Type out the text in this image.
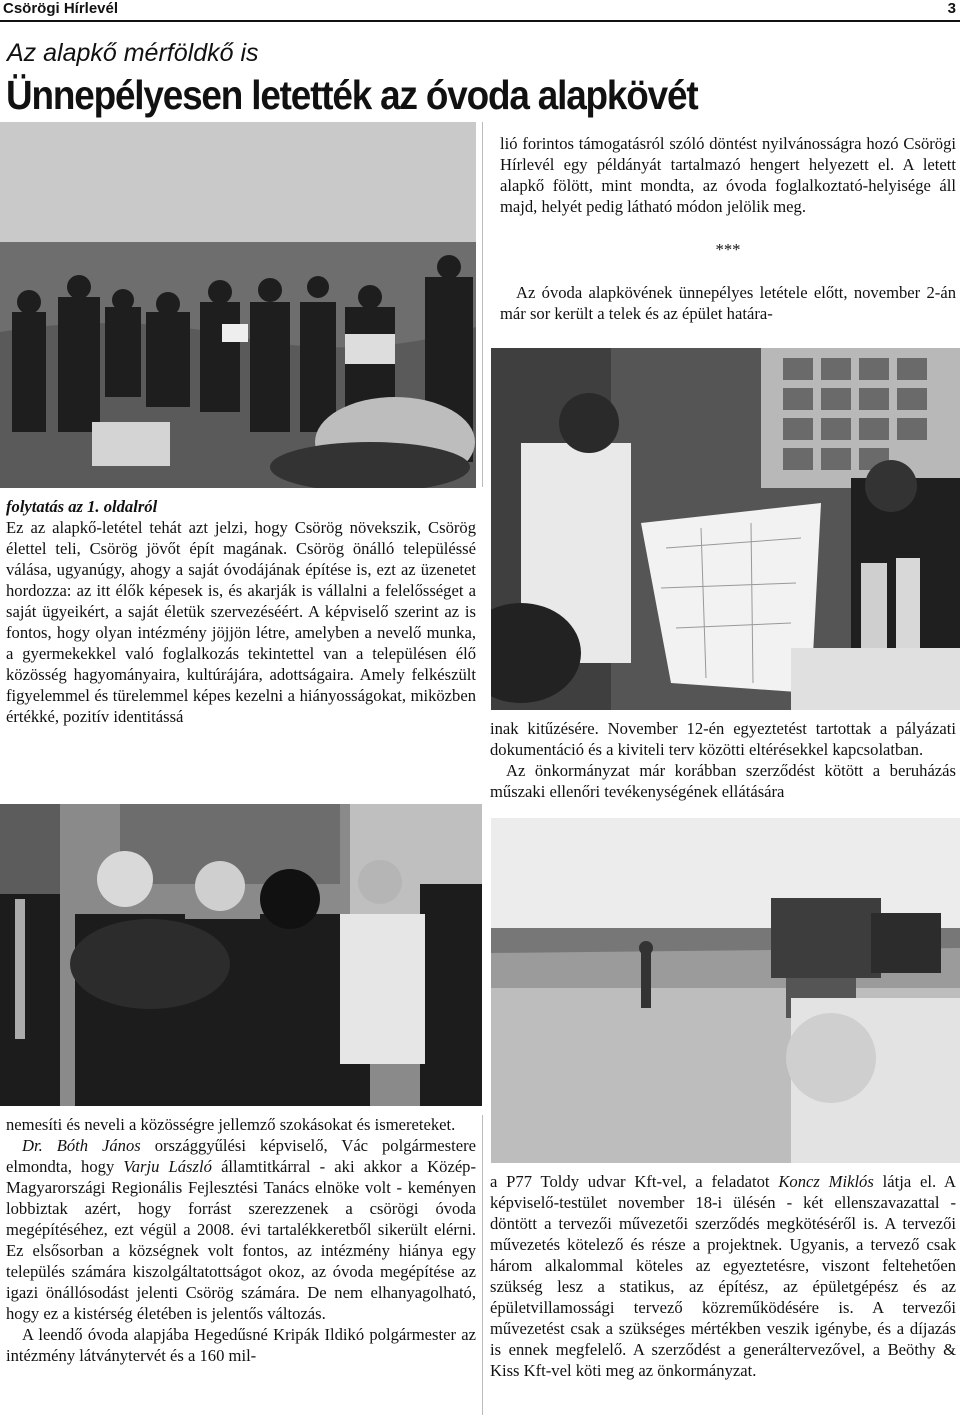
Csörögi Hírlevél	3
Az alapkő mérföldkő is
Ünnepélyesen letették az óvoda alapkövét

lió forintos támogatásról szóló döntést nyilvánosságra hozó Csörögi Hírlevél egy példányát tartalmazó hengert helyezett el. A letett alapkő fölött, mint mondta, az óvoda foglalkoztató-helyisége áll majd, helyét pedig látható módon jelölik meg.

***

Az óvoda alapkövének ünnepélyes letétele előtt, november 2-án már sor került a telek és az épület határa-

folytatás az 1. oldalról

Ez az alapkő-letétel tehát azt jelzi, hogy Csörög növekszik, Csörög élettel teli, Csörög jövőt épít magának. Csörög önálló településsé válása, ugyanúgy, ahogy a saját óvodájának építése is, ezt az üzenetet hordozza: az itt élők képesek is, és akarják is vállalni a felelősséget a saját ügyeikért, a saját életük szervezéséért. A képviselő szerint az is fontos, hogy olyan intézmény jöjjön létre, amelyben a nevelő munka, a gyermekekkel való foglalkozás tekintettel van a településen élő közösség hagyományaira, kultúrájára, adottságaira. Amely felkészült figyelemmel és türelemmel képes kezelni a hiányosságokat, miközben értékké, pozitív identitássá

inak kitűzésére. November 12-én egyeztetést tartottak a pályázati dokumentáció és a kiviteli terv közötti eltérésekkel kapcsolatban.

Az önkormányzat már korábban szerződést kötött a beruházás műszaki ellenőri tevékenységének ellátására

nemesíti és neveli a közösségre jellemző szokásokat és ismereteket.

Dr. Bóth János országgyűlési képviselő, Vác polgármestere elmondta, hogy Varju László államtitkárral - aki akkor a Közép-Magyarországi Regionális Fejlesztési Tanács elnöke volt - keményen lobbiztak azért, hogy forrást szerezzenek a csörögi óvoda megépítéséhez, ezt végül a 2008. évi tartalékkeretből sikerült elérni. Ez elsősorban a községnek volt fontos, az intézmény hiánya egy település számára kiszolgáltatottságot okoz, az óvoda megépítése az igazi önállósodást jelenti Csörög számára. De nem elhanyagolható, hogy ez a kistérség életében is jelentős változás.

A leendő óvoda alapjába Hegedűsné Kripák Ildikó polgármester az intézmény látványtervét és a 160 mil-

a P77 Toldy udvar Kft-vel, a feladatot Koncz Miklós látja el. A képviselő-testület november 18-i ülésén - két ellenszavazattal - döntött a tervezői művezetői szerződés megkötéséről is. A tervezői művezetés kötelező és része a projektnek. Ugyanis, a tervező csak három alkalommal köteles az egyeztetésre, viszont feltehetően szükség lesz a statikus, az építész, az épületgépész és az épületvillamossági tervező közreműködésére is. A tervezői művezetést csak a szükséges mértékben veszik igénybe, és a díjazás is ennek megfelelő. A szerződést a generáltervezővel, a Beöthy & Kiss Kft-vel köti meg az önkormányzat.
